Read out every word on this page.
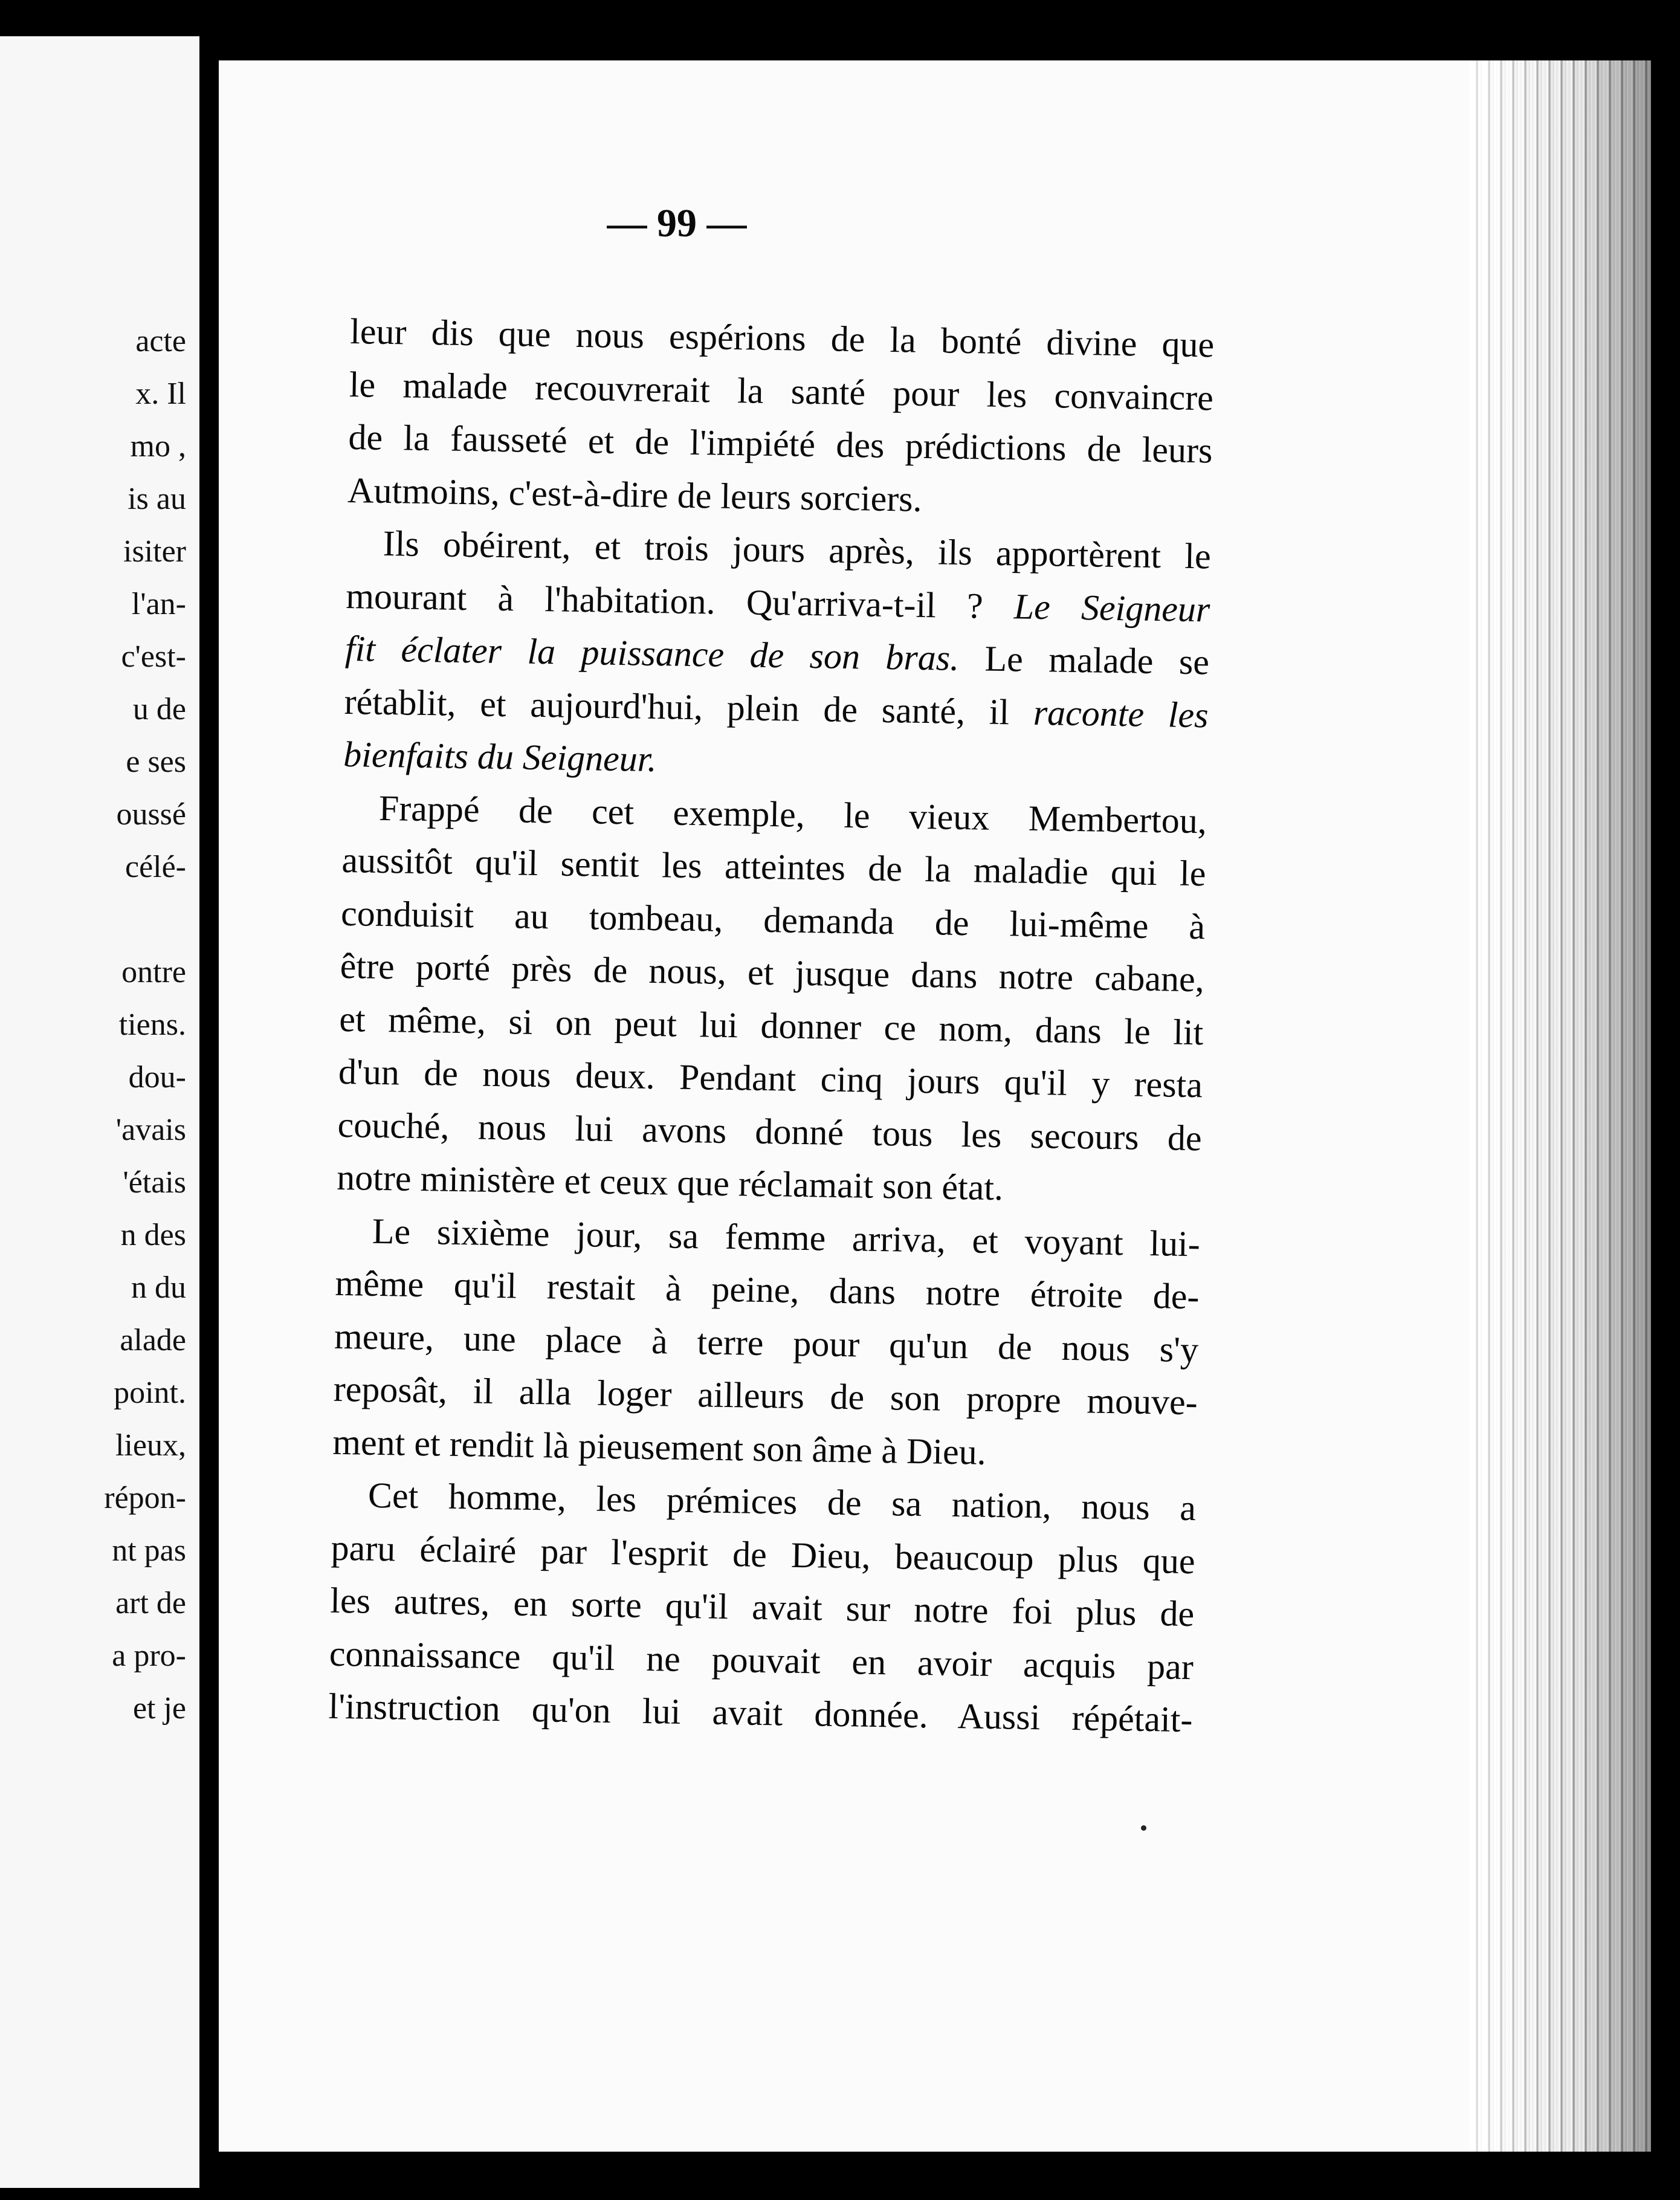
acte
x. Il
mo ,
is au
isiter
l'an-
c'est-
u de
e ses
oussé
célé-
ontre
tiens.
dou-
'avais
'étais
n des
n du
alade
point.
lieux,
répon-
nt pas
art de
a pro-
et je
— 99 —
leur dis que nous espérions de la bonté divine que
le malade recouvrerait la santé pour les convaincre
de la fausseté et de l'impiété des prédictions de leurs
Autmoins, c'est-à-dire de leurs sorciers.
Ils obéirent, et trois jours après, ils apportèrent le
mourant à l'habitation. Qu'arriva-t-il ? Le Seigneur
fit éclater la puissance de son bras. Le malade se
rétablit, et aujourd'hui, plein de santé, il raconte les
bienfaits du Seigneur.
Frappé de cet exemple, le vieux Membertou,
aussitôt qu'il sentit les atteintes de la maladie qui le
conduisit au tombeau, demanda de lui-même à
être porté près de nous, et jusque dans notre cabane,
et même, si on peut lui donner ce nom, dans le lit
d'un de nous deux. Pendant cinq jours qu'il y resta
couché, nous lui avons donné tous les secours de
notre ministère et ceux que réclamait son état.
Le sixième jour, sa femme arriva, et voyant lui-
même qu'il restait à peine, dans notre étroite de-
meure, une place à terre pour qu'un de nous s'y
reposât, il alla loger ailleurs de son propre mouve-
ment et rendit là pieusement son âme à Dieu.
Cet homme, les prémices de sa nation, nous a
paru éclairé par l'esprit de Dieu, beaucoup plus que
les autres, en sorte qu'il avait sur notre foi plus de
connaissance qu'il ne pouvait en avoir acquis par
l'instruction qu'on lui avait donnée. Aussi répétait-
